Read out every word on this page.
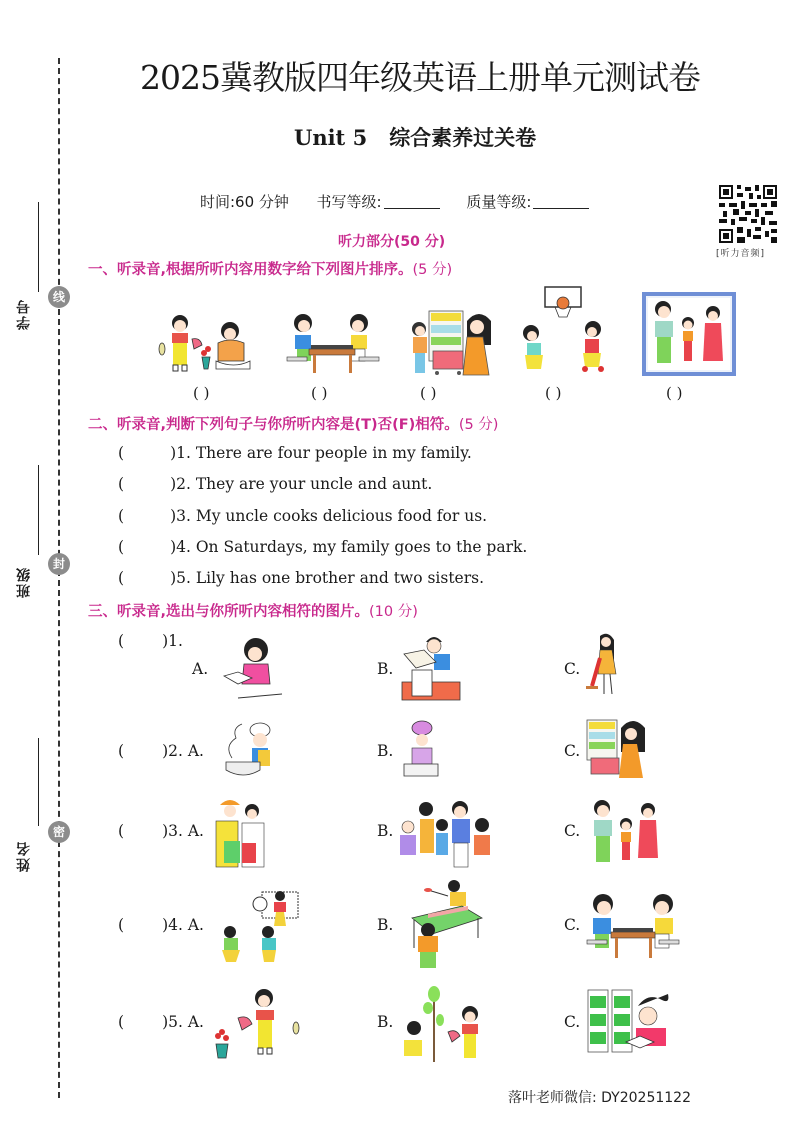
线
学号
封
班级
密
姓名
2025冀教版四年级英语上册单元测试卷
Unit 5 综合素养过关卷
时间:60 分钟 书写等级:	质量等级:
[听力音频]
听力部分(50 分)
一、听录音,根据所听内容用数字给下列图片排序。(5 分)
( )	( )	( )	( )	( )
二、听录音,判断下列句子与你所听内容是(T)否(F)相符。(5 分)
(	)1. There are four people in my family.
(	)2. They are your uncle and aunt.
(	)3. My uncle cooks delicious food for us.
(	)4. On Saturdays, my family goes to the park.
(	)5. Lily has one brother and two sisters.
三、听录音,选出与你所听内容相符的图片。(10 分)
( )1.
A.	B.	C.
( )2. A.	B.	C.
( )3. A.	B.	C.
( )4. A.	B.	C.
( )5. A.	B.	C.
落叶老师微信: DY20251122
